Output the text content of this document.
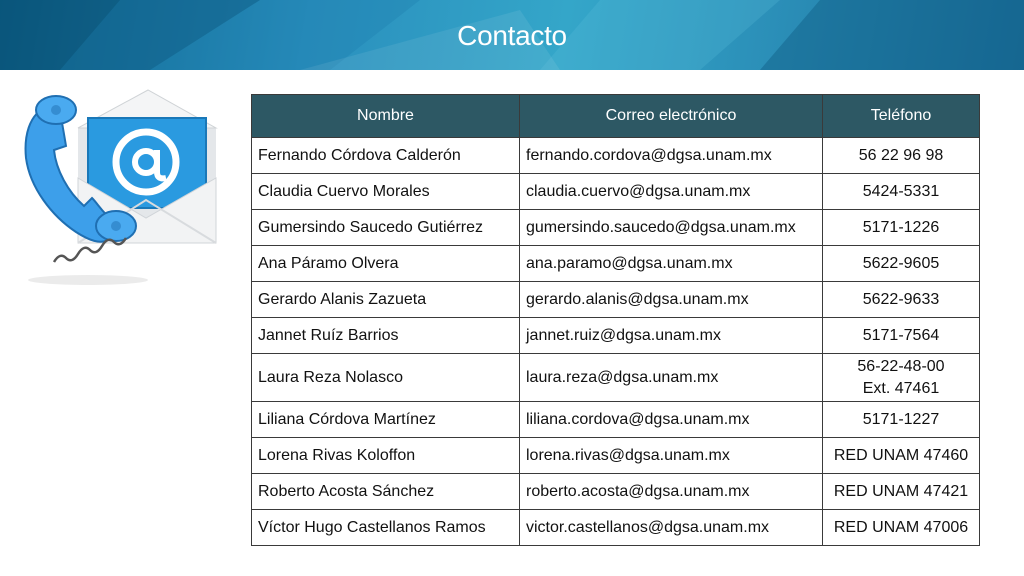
Contacto
Nombre	Correo electrónico	Teléfono
Fernando Córdova Calderón	fernando.cordova@dgsa.unam.mx	56 22 96 98
Claudia Cuervo Morales	claudia.cuervo@dgsa.unam.mx	5424-5331
Gumersindo Saucedo Gutiérrez	gumersindo.saucedo@dgsa.unam.mx	5171-1226
Ana Páramo Olvera	ana.paramo@dgsa.unam.mx	5622-9605
Gerardo Alanis Zazueta	gerardo.alanis@dgsa.unam.mx	5622-9633
Jannet Ruíz Barrios	jannet.ruiz@dgsa.unam.mx	5171-7564
Laura Reza Nolasco	laura.reza@dgsa.unam.mx	56-22-48-00
Ext. 47461

Liliana Córdova Martínez	liliana.cordova@dgsa.unam.mx	5171-1227
Lorena Rivas Koloffon	lorena.rivas@dgsa.unam.mx	RED UNAM 47460
Roberto Acosta Sánchez	roberto.acosta@dgsa.unam.mx	RED UNAM 47421
Víctor Hugo Castellanos Ramos	victor.castellanos@dgsa.unam.mx	RED UNAM 47006
